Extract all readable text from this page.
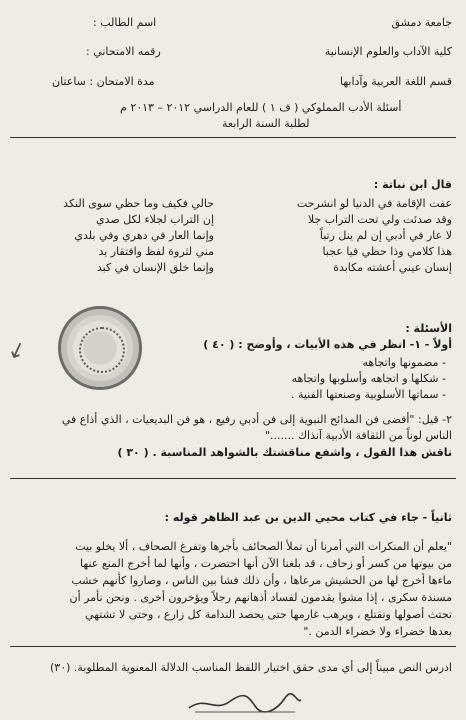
جامعة دمشق
اسم الطالب :
كلية الآداب والعلوم الإنسانية
رقمه الامتحاني :
قسم اللغة العربية وآدابها
مدة الامتحان : ساعتان
أسئلة الأدب المملوكي ( ف ١ ) للعام الدراسي ٢٠١٢ – ٢٠١٣ م
لطلبة السنة الرابعة
قال ابن نباتة :
عفت الإقامة في الدنيا لو انشرحت
حالي فكيف وما حظي سوى النكد
وقد صدئت ولي تحت التراب جلا
إن التراب لجلاء لكل صدي
لا عار في أدبي إن لم ينل رتباً
وإنما العار في دهري وفي بلدي
هذا كلامي وذا حظي فيا عجبا
مني لثروة لفظ وافتقار يد
إنسان عيني أعشته مكابدة
وإنما خلق الإنسان في كبد
↙
الأسئلة :
أولاً - ١- انظر في هذه الأبيات ، وأوضح : ( ٤٠ )
- مضمونها واتجاهه
- شكلها و اتجاهه وأسلوبها واتجاهه
- سماتها الأسلوبية وصنعتها الفنية .
٢- قيل: "أفضى فن المدائح النبوية إلى فن أدبي رفيع ، هو فن البديعيات ، الذي أذاع في
الناس لوناً من الثقافة الأدبية آنذاك ......."
ناقش هذا القول ، واشفع مناقشتك بالشواهد المناسبة . ( ٣٠ )
ثانياً - جاء في كتاب محيي الدين بن عبد الظاهر قوله :
"يعلم أن المنكرات التي أمرنا أن تملأ الصحائف بأجرها وتفرغ الصحاف ، ألا يخلو بيت
من بيوتها من كسر أو زحاف ، قد بلغنا الآن أنها احتضرت ، وأنها لما أخرج المنع عنها
ماءها أخرج لها من الحشيش مرعاها ، وأن ذلك فشا بين الناس ، وصاروا كأنهم خشب
مسندة سكرى ، إذا مشوا يقدمون لفساد أذهانهم رجلاً ويؤخرون أخرى . ونحن نأمر أن
تجتث أصولها وتقتلع ، ويرهب غارمها حتى يحصد الندامة كل زارع ، وحتى لا تشتهي
بعدها خضراء ولا خضراء الدمن ."
ادرس النص مبيناً إلى أي مدى حقق اختيار اللفظ المناسب الدلالة المعنوية المطلوبة. (٣٠)
